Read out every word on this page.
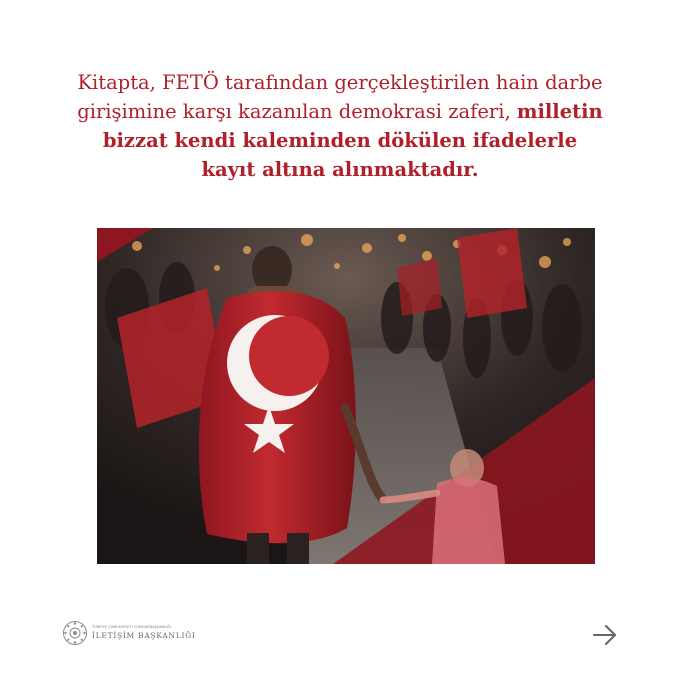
Kitapta, FETÖ tarafından gerçekleştirilen hain darbe
girişimine karşı kazanılan demokrasi zaferi, milletin
bizzat kendi kaleminden dökülen ifadelerle
kayıt altına alınmaktadır.
TÜRKİYE CUMHURİYETİ CUMHURBAŞKANLIĞI
İLETİŞİM BAŞKANLIĞI
